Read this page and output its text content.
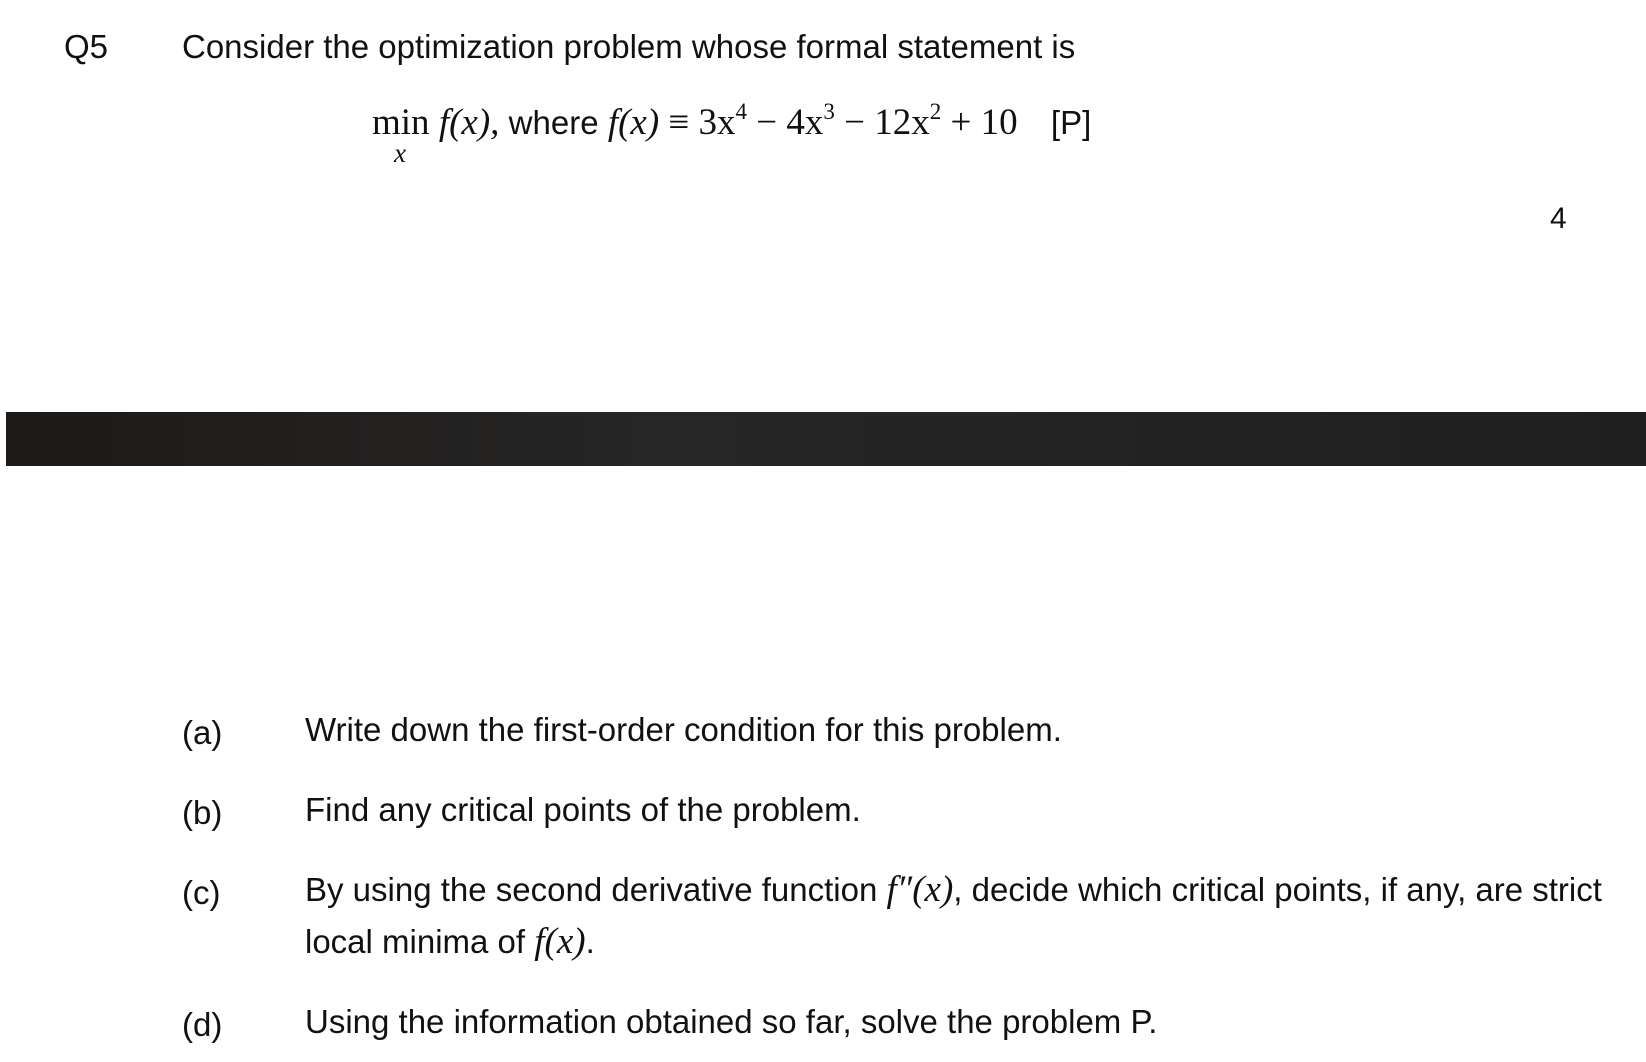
Q5 Consider the optimization problem whose formal statement is
min
x
f(x), where $f(x) \equiv 3x^4 - 4x^3 - 12x^2 + 10$ [P]
4
(a)	Write down the first-order condition for this problem.
(b)	Find any critical points of the problem.
(c)	By using the second derivative function f″(x), decide which critical points, if any, are strict local minima of f(x).
(d)	Using the information obtained so far, solve the problem P.
